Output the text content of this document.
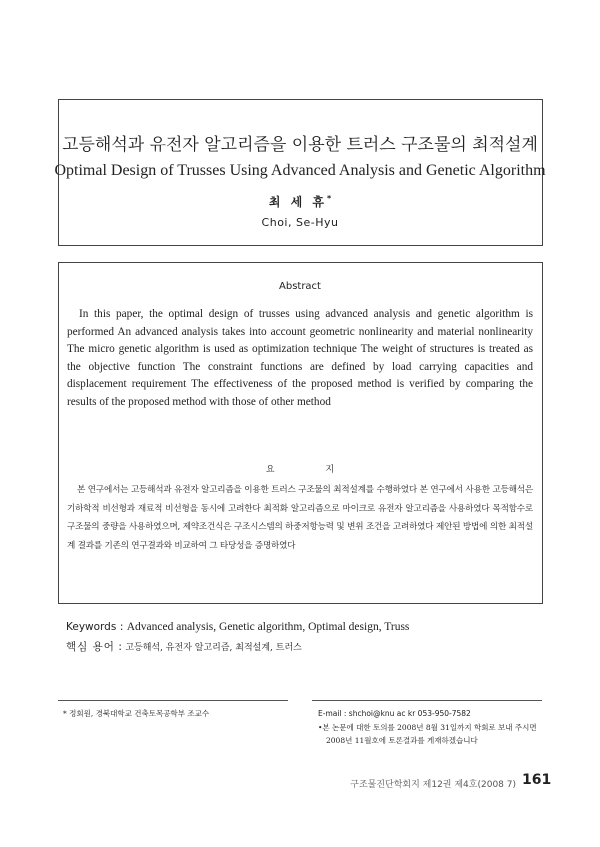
고등해석과 유전자 알고리즘을 이용한 트러스 구조물의 최적설계
Optimal Design of Trusses Using Advanced Analysis and Genetic Algorithm
최 세 휴*
Choi, Se-Hyu
Abstract

In this paper, the optimal design of trusses using advanced analysis and genetic algorithm is performed An advanced analysis takes into account geometric nonlinearity and material nonlinearity The micro genetic algorithm is used as optimization technique The weight of structures is treated as the objective function The constraint functions are defined by load carrying capacities and displacement requirement The effectiveness of the proposed method is verified by comparing the results of the proposed method with those of other method

요 지

본 연구에서는 고등해석과 유전자 알고리즘을 이용한 트러스 구조물의 최적설계를 수행하였다 본 연구에서 사용한 고등해석은 기하학적 비선형과 재료적 비선형을 동시에 고려한다 최적화 알고리즘으로 마이크로 유전자 알고리즘을 사용하였다 목적함수로 구조물의 중량을 사용하였으며, 제약조건식은 구조시스템의 하중저항능력 및 변위 조건을 고려하였다 제안된 방법에 의한 최적설계 결과를 기존의 연구결과와 비교하여 그 타당성을 증명하였다

Keywords : Advanced analysis, Genetic algorithm, Optimal design, Truss
핵심 용어 : 고등해석, 유전자 알고리즘, 최적설계, 트러스
* 정회원, 경북대학교 건축토목공학부 조교수	E-mail : shchoi@knu ac kr 053-950-7582
•본 논문에 대한 토의를 2008년 8월 31일까지 학회로 보내 주시면 2008년 11월호에 토론결과를 게재하겠습니다
구조물진단학회지 제12권 제4호(2008 7) 161
